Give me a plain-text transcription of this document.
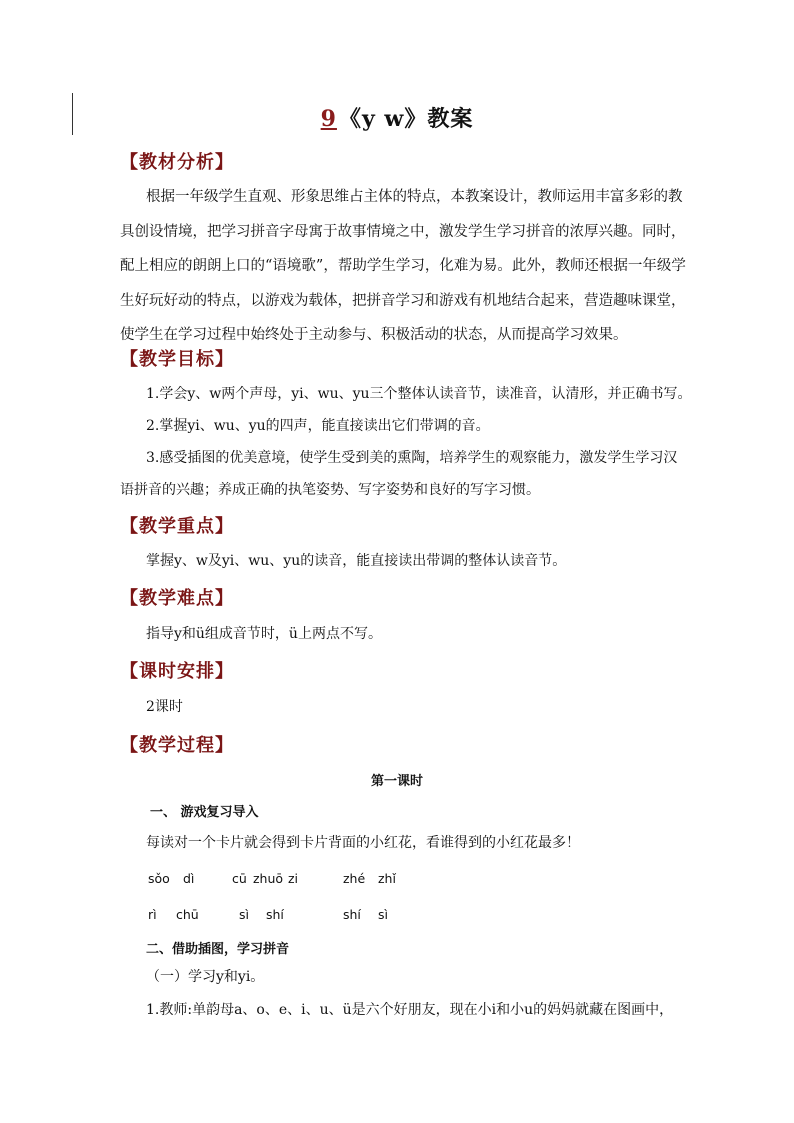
9《y w》教案
【教材分析】
根据一年级学生直观、形象思维占主体的特点，本教案设计，教师运用丰富多彩的教具创设情境，把学习拼音字母寓于故事情境之中，激发学生学习拼音的浓厚兴趣。同时，配上相应的朗朗上口的“语境歌”，帮助学生学习，化难为易。此外，教师还根据一年级学生好玩好动的特点，以游戏为载体，把拼音学习和游戏有机地结合起来，营造趣味课堂，使学生在学习过程中始终处于主动参与、积极活动的状态，从而提高学习效果。
【教学目标】
1.学会y、w两个声母，yi、wu、yu三个整体认读音节，读准音，认清形，并正确书写。
2.掌握yi、wu、yu的四声，能直接读出它们带调的音。
3.感受插图的优美意境，使学生受到美的熏陶，培养学生的观察能力，激发学生学习汉
语拼音的兴趣；养成正确的执笔姿势、写字姿势和良好的写字习惯。
【教学重点】
掌握y、w及yi、wu、yu的读音，能直接读出带调的整体认读音节。
【教学难点】
指导y和ü组成音节时，ü上两点不写。
【课时安排】
2课时
【教学过程】
第一课时
一、 游戏复习导入
每读对一个卡片就会得到卡片背面的小红花，看谁得到的小红花最多！
sǒo dì	cū zhuō zi	zhé zhǐ
rì chū	sì shí	shí sì
二、借助插图，学习拼音
（一）学习y和yi。
1.教师:单韵母a、o、e、i、u、ü是六个好朋友，现在小i和小u的妈妈就藏在图画中，
